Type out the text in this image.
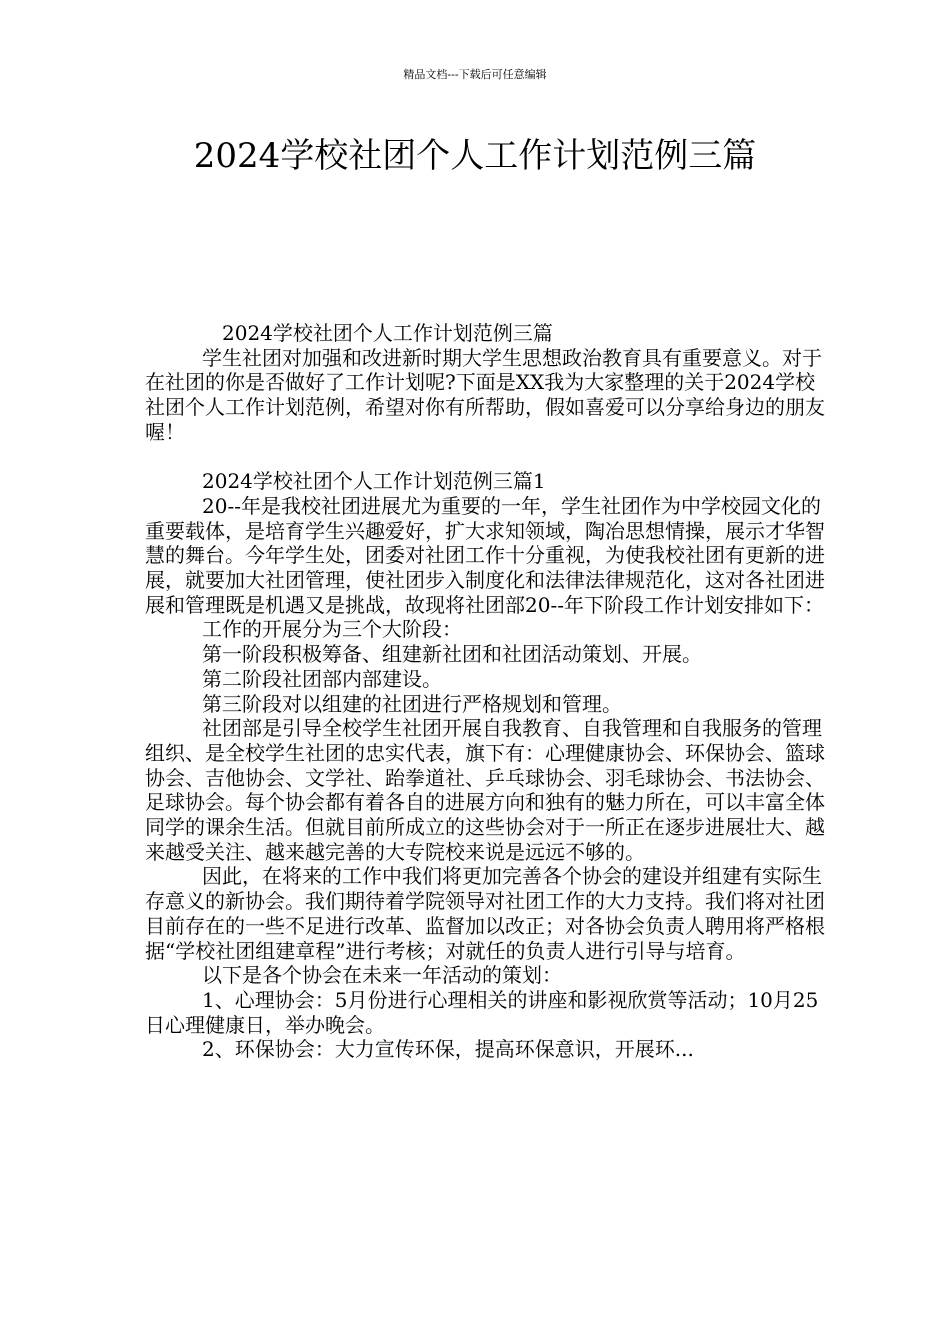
精品文档---下载后可任意编辑
2024学校社团个人工作计划范例三篇

2024学校社团个人工作计划范例三篇

学生社团对加强和改进新时期大学生思想政治教育具有重要意义。对于在社团的你是否做好了工作计划呢?下面是XX我为大家整理的关于2024学校社团个人工作计划范例，希望对你有所帮助，假如喜爱可以分享给身边的朋友喔！

2024学校社团个人工作计划范例三篇1

20--年是我校社团进展尤为重要的一年，学生社团作为中学校园文化的重要载体，是培育学生兴趣爱好，扩大求知领域，陶冶思想情操，展示才华智慧的舞台。今年学生处，团委对社团工作十分重视，为使我校社团有更新的进展，就要加大社团管理，使社团步入制度化和法律法律规范化，这对各社团进展和管理既是机遇又是挑战，故现将社团部20--年下阶段工作计划安排如下：

工作的开展分为三个大阶段：

第一阶段积极筹备、组建新社团和社团活动策划、开展。

第二阶段社团部内部建设。

第三阶段对以组建的社团进行严格规划和管理。

社团部是引导全校学生社团开展自我教育、自我管理和自我服务的管理组织、是全校学生社团的忠实代表，旗下有：心理健康协会、环保协会、篮球协会、吉他协会、文学社、跆拳道社、乒乓球协会、羽毛球协会、书法协会、足球协会。每个协会都有着各自的进展方向和独有的魅力所在，可以丰富全体同学的课余生活。但就目前所成立的这些协会对于一所正在逐步进展壮大、越来越受关注、越来越完善的大专院校来说是远远不够的。

因此，在将来的工作中我们将更加完善各个协会的建设并组建有实际生存意义的新协会。我们期待着学院领导对社团工作的大力支持。我们将对社团目前存在的一些不足进行改革、监督加以改正；对各协会负责人聘用将严格根据“学校社团组建章程”进行考核；对就任的负责人进行引导与培育。

以下是各个协会在未来一年活动的策划：

1、心理协会：5月份进行心理相关的讲座和影视欣赏等活动；10月25日心理健康日，举办晚会。

2、环保协会：大力宣传环保，提高环保意识，开展环...
